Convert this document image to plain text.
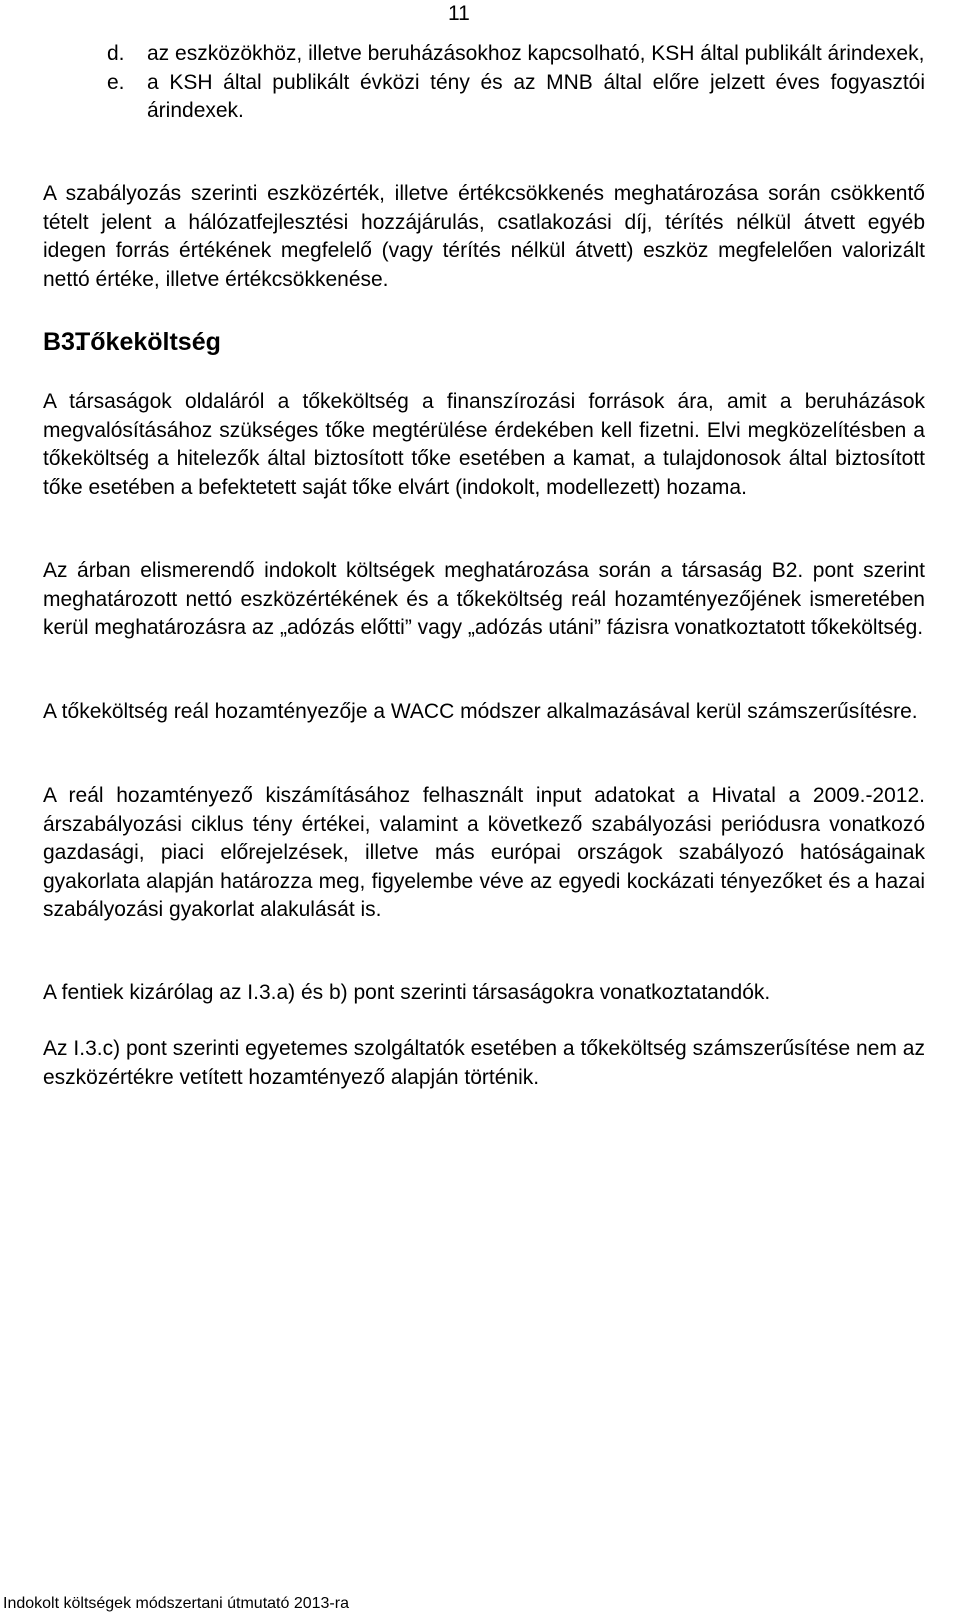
11
d.	az eszközökhöz, illetve beruházásokhoz kapcsolható, KSH által publikált árindexek,
e.	a KSH által publikált évközi tény és az MNB által előre jelzett éves fogyasztói árindexek.

A szabályozás szerinti eszközérték, illetve értékcsökkenés meghatározása során csökkentő tételt jelent a hálózatfejlesztési hozzájárulás, csatlakozási díj, térítés nélkül átvett egyéb idegen forrás értékének megfelelő (vagy térítés nélkül átvett) eszköz megfelelően valorizált nettó értéke, illetve értékcsökkenése.

B3.Tőkeköltség

A társaságok oldaláról a tőkeköltség a finanszírozási források ára, amit a beruházások megvalósításához szükséges tőke megtérülése érdekében kell fizetni. Elvi megközelítésben a tőkeköltség a hitelezők által biztosított tőke esetében a kamat, a tulajdonosok által biztosított tőke esetében a befektetett saját tőke elvárt (indokolt, modellezett) hozama.

Az árban elismerendő indokolt költségek meghatározása során a társaság B2. pont szerint meghatározott nettó eszközértékének és a tőkeköltség reál hozamtényezőjének ismeretében kerül meghatározásra az „adózás előtti” vagy „adózás utáni” fázisra vonatkoztatott tőkeköltség.

A tőkeköltség reál hozamtényezője a WACC módszer alkalmazásával kerül számszerűsítésre.

A reál hozamtényező kiszámításához felhasznált input adatokat a Hivatal a 2009.-2012. árszabályozási ciklus tény értékei, valamint a következő szabályozási periódusra vonatkozó gazdasági, piaci előrejelzések, illetve más európai országok szabályozó hatóságainak gyakorlata alapján határozza meg, figyelembe véve az egyedi kockázati tényezőket és a hazai szabályozási gyakorlat alakulását is.

A fentiek kizárólag az I.3.a) és b) pont szerinti társaságokra vonatkoztatandók.

Az I.3.c) pont szerinti egyetemes szolgáltatók esetében a tőkeköltség számszerűsítése nem az eszközértékre vetített hozamtényező alapján történik.

Indokolt költségek módszertani útmutató 2013-ra
